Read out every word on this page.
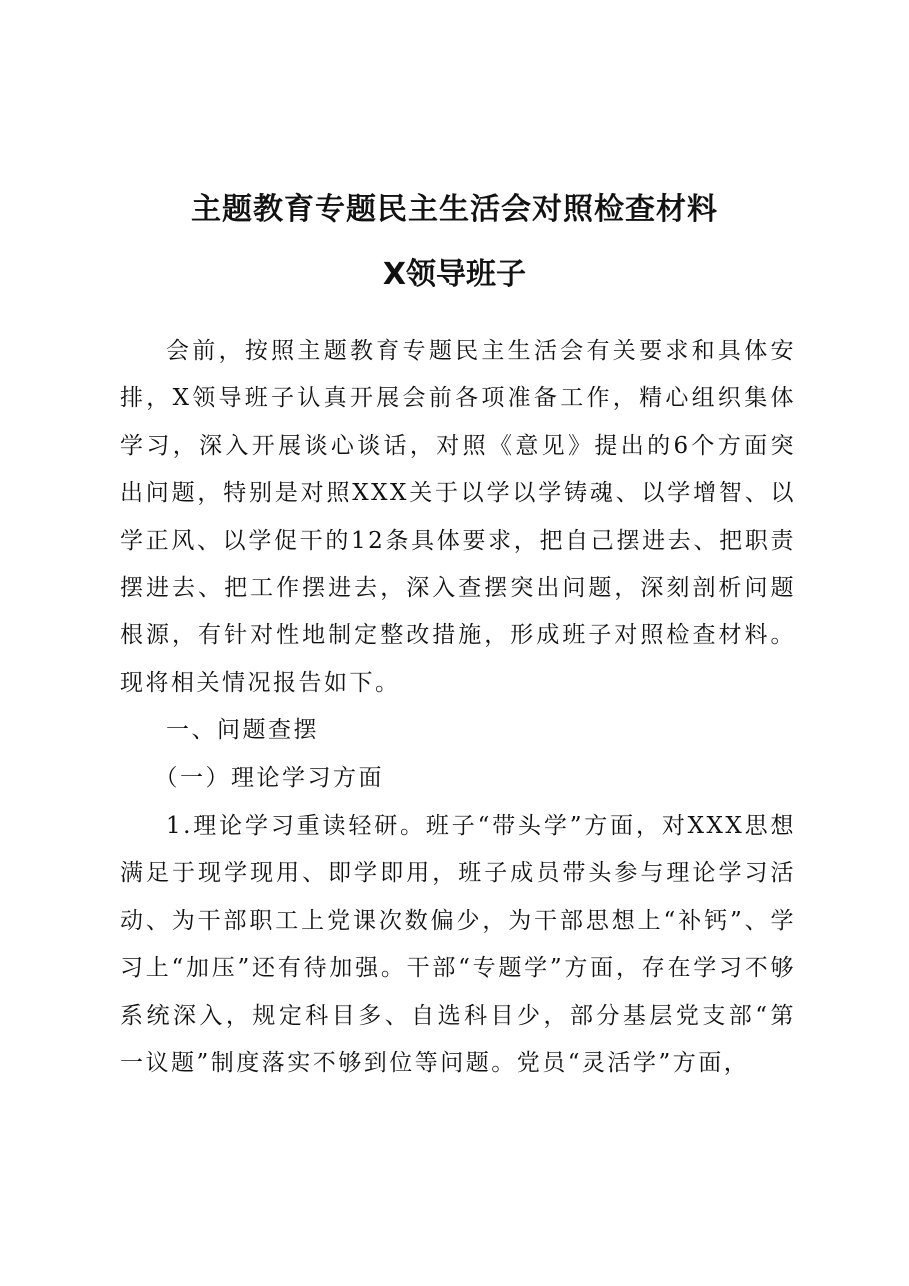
主题教育专题民主生活会对照检查材料
X领导班子

会前，按照主题教育专题民主生活会有关要求和具体安排，X领导班子认真开展会前各项准备工作，精心组织集体学习，深入开展谈心谈话，对照《意见》提出的6个方面突出问题，特别是对照XXX关于以学以学铸魂、以学增智、以学正风、以学促干的12条具体要求，把自己摆进去、把职责摆进去、把工作摆进去，深入查摆突出问题，深刻剖析问题根源，有针对性地制定整改措施，形成班子对照检查材料。现将相关情况报告如下。

一、问题查摆

（一）理论学习方面

1.理论学习重读轻研。班子“带头学”方面，对XXX思想满足于现学现用、即学即用，班子成员带头参与理论学习活动、为干部职工上党课次数偏少，为干部思想上“补钙”、学习上“加压”还有待加强。干部“专题学”方面，存在学习不够系统深入，规定科目多、自选科目少，部分基层党支部“第一议题”制度落实不够到位等问题。党员“灵活学”方面，
